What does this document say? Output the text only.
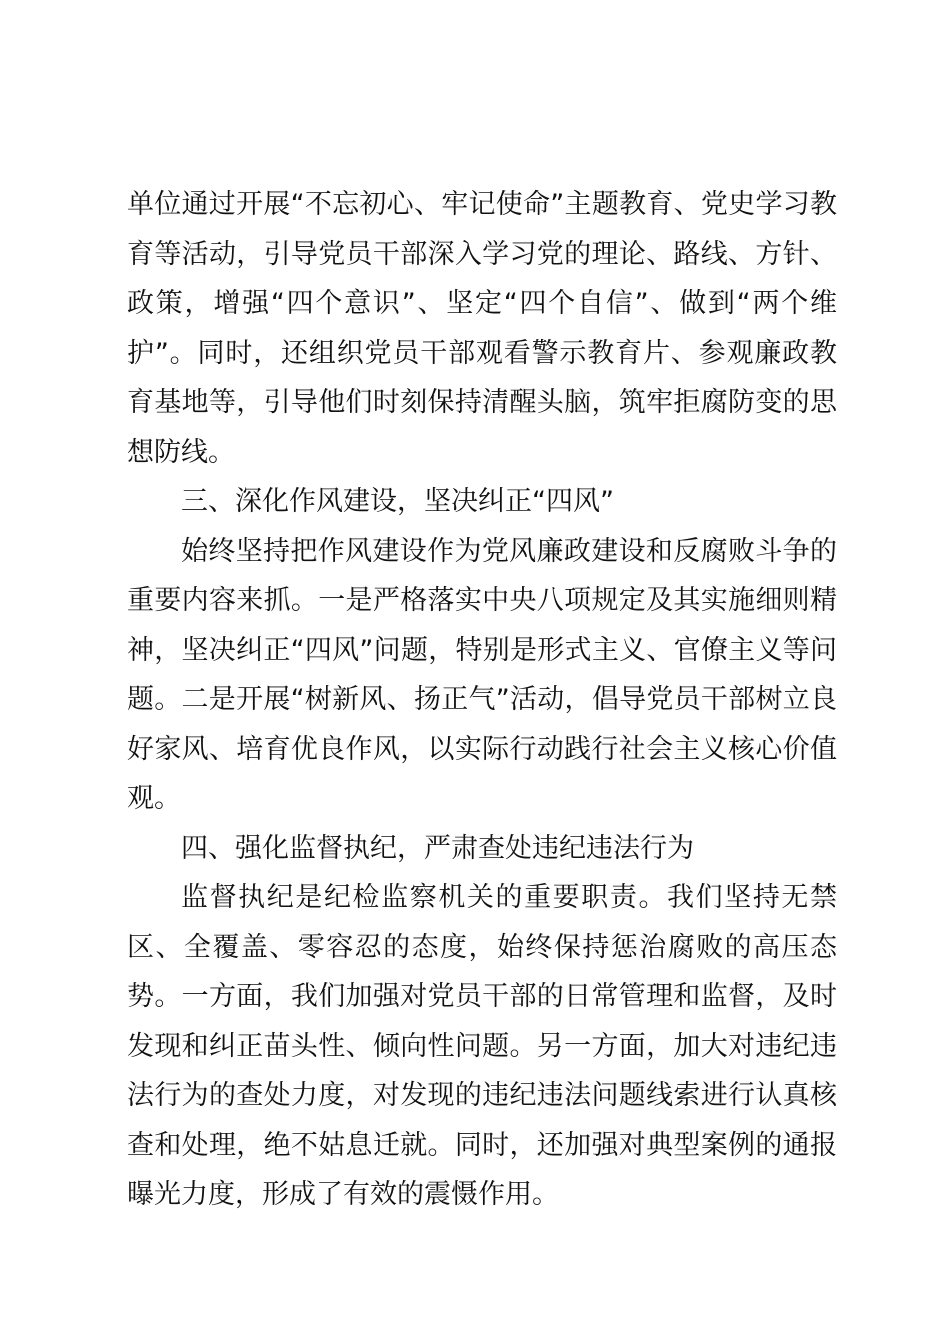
单位通过开展“不忘初心、牢记使命”主题教育、党史学习教育等活动，引导党员干部深入学习党的理论、路线、方针、政策，增强“四个意识”、坚定“四个自信”、做到“两个维护”。同时，还组织党员干部观看警示教育片、参观廉政教育基地等，引导他们时刻保持清醒头脑，筑牢拒腐防变的思想防线。

三、深化作风建设，坚决纠正“四风”

始终坚持把作风建设作为党风廉政建设和反腐败斗争的重要内容来抓。一是严格落实中央八项规定及其实施细则精神，坚决纠正“四风”问题，特别是形式主义、官僚主义等问题。二是开展“树新风、扬正气”活动，倡导党员干部树立良好家风、培育优良作风，以实际行动践行社会主义核心价值观。

四、强化监督执纪，严肃查处违纪违法行为

监督执纪是纪检监察机关的重要职责。我们坚持无禁区、全覆盖、零容忍的态度，始终保持惩治腐败的高压态势。一方面，我们加强对党员干部的日常管理和监督，及时发现和纠正苗头性、倾向性问题。另一方面，加大对违纪违法行为的查处力度，对发现的违纪违法问题线索进行认真核查和处理，绝不姑息迁就。同时，还加强对典型案例的通报曝光力度，形成了有效的震慑作用。
